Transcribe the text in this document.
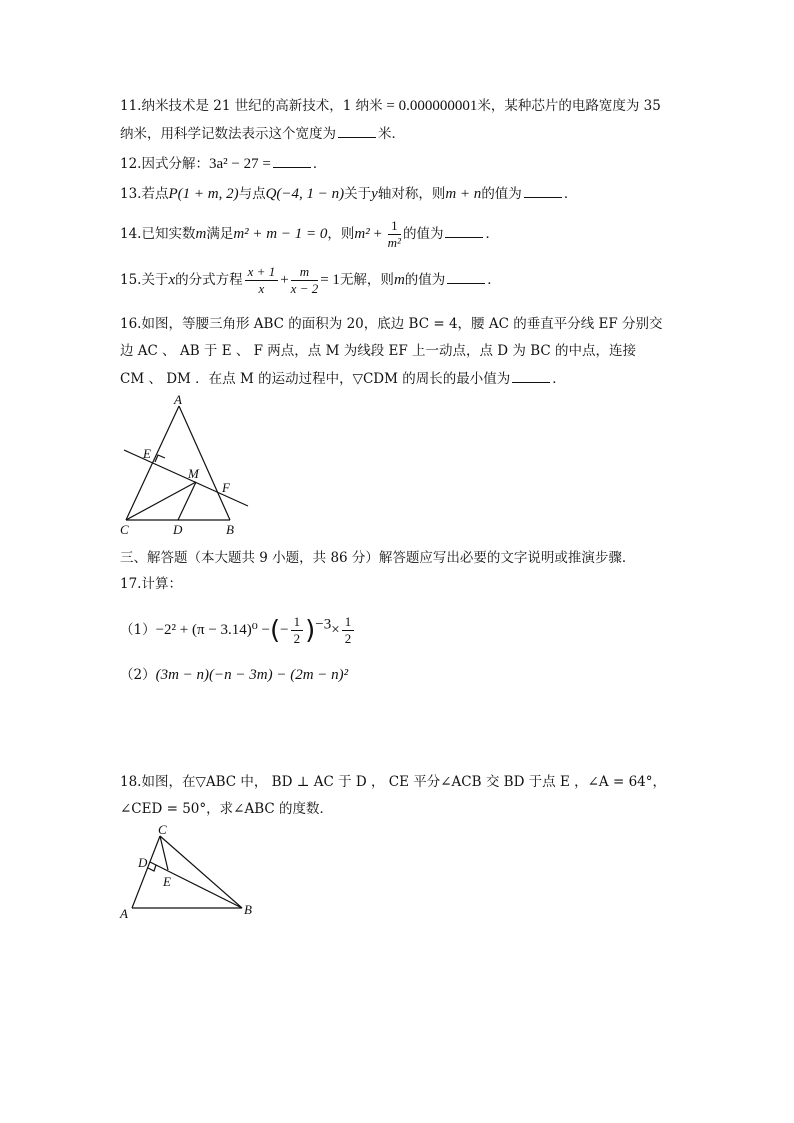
11.纳米技术是 21 世纪的高新技术，1 纳米 = 0.000000001米，某种芯片的电路宽度为 35
纳米，用科学记数法表示这个宽度为	米．
12.因式分解：3a² − 27 =	．
13.若点P(1 + m, 2)与点Q(−4, 1 − n)关于y轴对称，则m + n的值为	．
14.已知实数m满足m² + m − 1 = 0，则$m^2 + \frac{1}{\text{m²}}$ 的值为	．
15.关于x的分式方程 $\frac{x + 1}{x} + \frac{m}{x - 2} = 1$无解，则m的值为	．
16.如图，等腰三角形 ABC 的面积为 20，底边 BC = 4，腰 AC 的垂直平分线 EF 分别交
边 AC 、 AB 于 E 、 F 两点，点 M 为线段 EF 上一动点，点 D 为 BC 的中点，连接
CM 、 DM ．在点 M 的运动过程中，▽CDM 的周长的最小值为	．
A
E
M
F
C	D	B
三、解答题（本大题共 9 小题，共 86 分）解答题应写出必要的文字说明或推演步骤．
17.计算：
（1）−2² + (π − 3.14)⁰ −(− $\frac{1}{2} )^{-3}\times \frac{1}{2}$
（2）(3m − n)(−n − 3m) − (2m − n)²
18.如图，在▽ABC 中， BD ⊥ AC 于 D ， CE 平分∠ACB 交 BD 于点 E ，∠A = 64°，
∠CED = 50°，求∠ABC 的度数．
C
D
E
A	B
